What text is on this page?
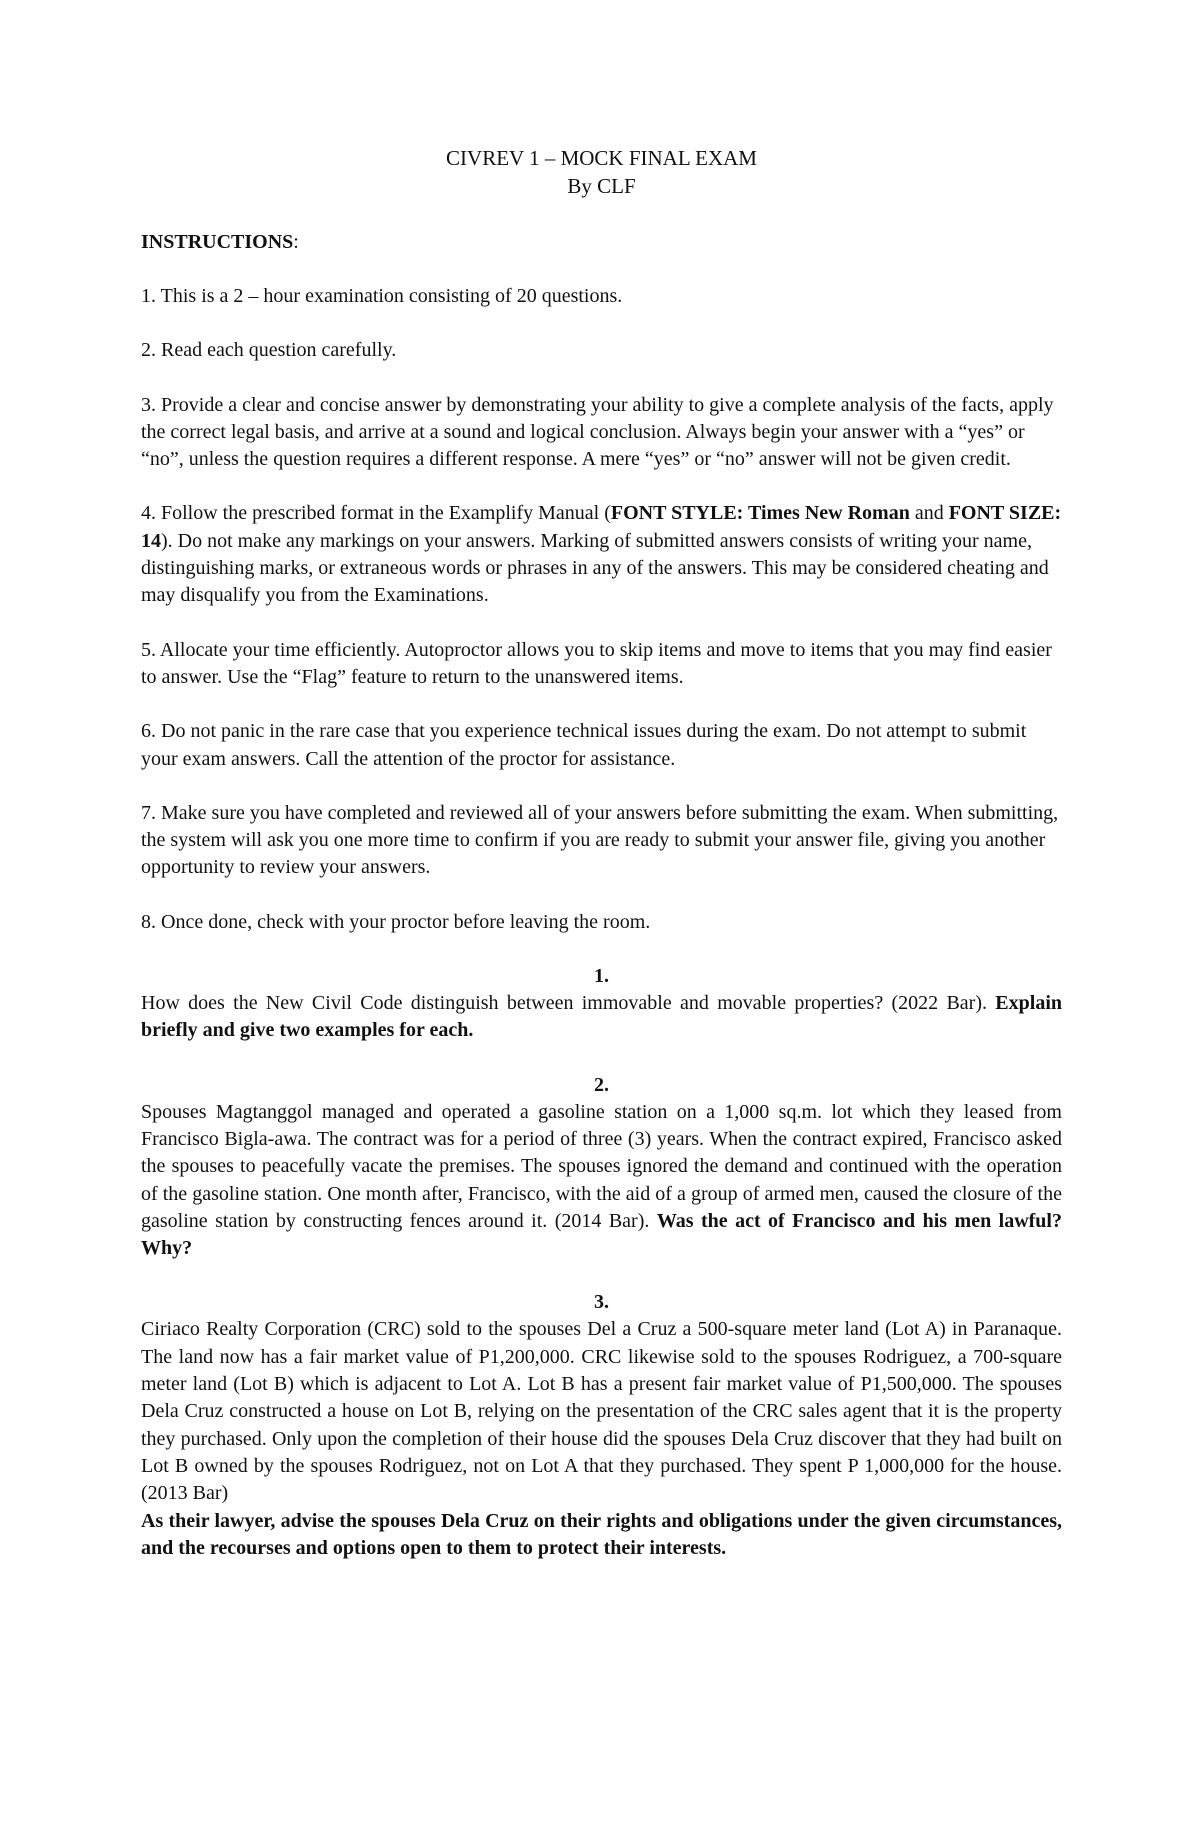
CIVREV 1 – MOCK FINAL EXAM
By CLF
INSTRUCTIONS:

1. This is a 2 – hour examination consisting of 20 questions.

2. Read each question carefully.

3. Provide a clear and concise answer by demonstrating your ability to give a complete analysis of the facts, apply the correct legal basis, and arrive at a sound and logical conclusion. Always begin your answer with a “yes” or “no”, unless the question requires a different response. A mere “yes” or “no” answer will not be given credit.

4. Follow the prescribed format in the Examplify Manual (FONT STYLE: Times New Roman and FONT SIZE: 14). Do not make any markings on your answers. Marking of submitted answers consists of writing your name, distinguishing marks, or extraneous words or phrases in any of the answers. This may be considered cheating and may disqualify you from the Examinations.

5. Allocate your time efficiently. Autoproctor allows you to skip items and move to items that you may find easier to answer. Use the “Flag” feature to return to the unanswered items.

6. Do not panic in the rare case that you experience technical issues during the exam. Do not attempt to submit your exam answers. Call the attention of the proctor for assistance.

7. Make sure you have completed and reviewed all of your answers before submitting the exam. When submitting, the system will ask you one more time to confirm if you are ready to submit your answer file, giving you another opportunity to review your answers.

8. Once done, check with your proctor before leaving the room.

1.

How does the New Civil Code distinguish between immovable and movable properties? (2022 Bar). Explain briefly and give two examples for each.

2.

Spouses Magtanggol managed and operated a gasoline station on a 1,000 sq.m. lot which they leased from Francisco Bigla-awa. The contract was for a period of three (3) years. When the contract expired, Francisco asked the spouses to peacefully vacate the premises. The spouses ignored the demand and continued with the operation of the gasoline station. One month after, Francisco, with the aid of a group of armed men, caused the closure of the gasoline station by constructing fences around it. (2014 Bar). Was the act of Francisco and his men lawful? Why?

3.

Ciriaco Realty Corporation (CRC) sold to the spouses Del a Cruz a 500-square meter land (Lot A) in Paranaque. The land now has a fair market value of P1,200,000. CRC likewise sold to the spouses Rodriguez, a 700-square meter land (Lot B) which is adjacent to Lot A. Lot B has a present fair market value of P1,500,000. The spouses Dela Cruz constructed a house on Lot B, relying on the presentation of the CRC sales agent that it is the property they purchased. Only upon the completion of their house did the spouses Dela Cruz discover that they had built on Lot B owned by the spouses Rodriguez, not on Lot A that they purchased. They spent P 1,000,000 for the house. (2013 Bar)

As their lawyer, advise the spouses Dela Cruz on their rights and obligations under the given circumstances, and the recourses and options open to them to protect their interests.
